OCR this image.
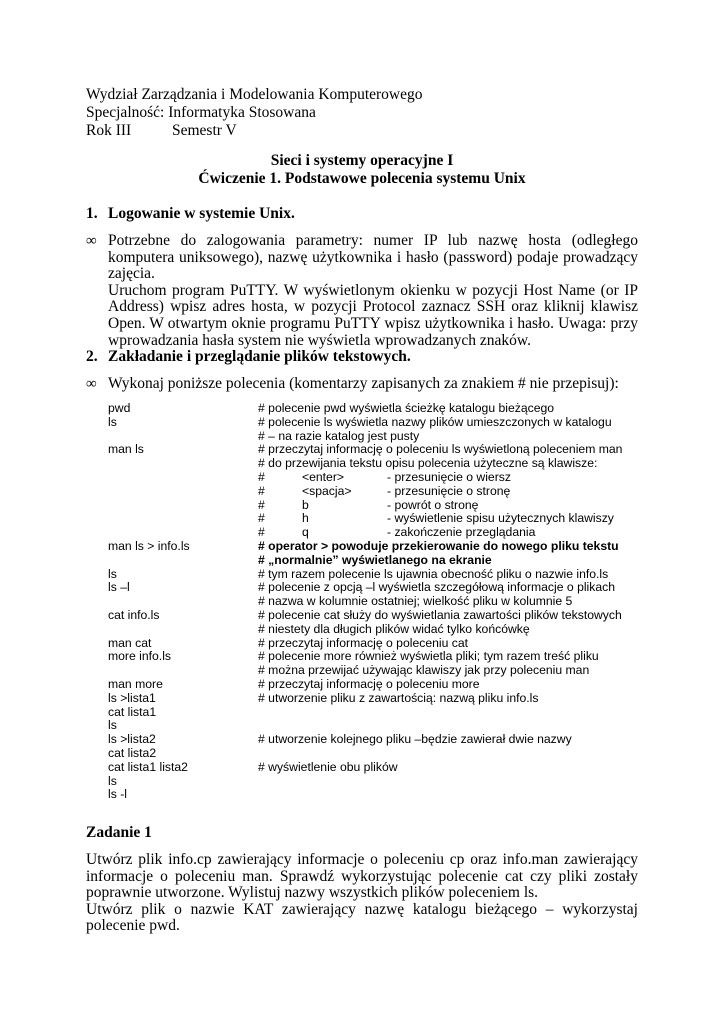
Wydział Zarządzania i Modelowania Komputerowego
Specjalność: Informatyka Stosowana
Rok III	Semestr V
Sieci i systemy operacyjne I
Ćwiczenie 1. Podstawowe polecenia systemu Unix
1. Logowanie w systemie Unix.
∞ Potrzebne do zalogowania parametry: numer IP lub nazwę hosta (odległego komputera uniksowego), nazwę użytkownika i hasło (password) podaje prowadzący zajęcia.

Uruchom program PuTTY. W wyświetlonym okienku w pozycji Host Name (or IP Address) wpisz adres hosta, w pozycji Protocol zaznacz SSH oraz kliknij klawisz Open. W otwartym oknie programu PuTTY wpisz użytkownika i hasło. Uwaga: przy wprowadzania hasła system nie wyświetla wprowadzanych znaków.

2. Zakładanie i przeglądanie plików tekstowych.
∞ Wykonaj poniższe polecenia (komentarzy zapisanych za znakiem # nie przepisuj):
pwd	# polecenie pwd wyświetla ścieżkę katalogu bieżącego
ls	# polecenie ls wyświetla nazwy plików umieszczonych w katalogu
# – na razie katalog jest pusty
man ls	# przeczytaj informację o poleceniu ls wyświetloną poleceniem man
# do przewijania tekstu opisu polecenia użyteczne są klawisze:
#	<enter>	- przesunięcie o wiersz
#	<spacja>	- przesunięcie o stronę
#	b	- powrót o stronę
#	h	- wyświetlenie spisu użytecznych klawiszy
#	q	- zakończenie przeglądania
man ls > info.ls	# operator > powoduje przekierowanie do nowego pliku tekstu
# „normalnie” wyświetlanego na ekranie
ls	# tym razem polecenie ls ujawnia obecność pliku o nazwie info.ls
ls –l	# polecenie z opcją –l wyświetla szczegółową informacje o plikach
# nazwa w kolumnie ostatniej; wielkość pliku w kolumnie 5
cat info.ls	# polecenie cat służy do wyświetlania zawartości plików tekstowych
# niestety dla długich plików widać tylko końcówkę
man cat	# przeczytaj informację o poleceniu cat
more info.ls	# polecenie more również wyświetla pliki; tym razem treść pliku
# można przewijać używając klawiszy jak przy poleceniu man
man more	# przeczytaj informację o poleceniu more
ls >lista1	# utworzenie pliku z zawartością: nazwą pliku info.ls
cat lista1
ls
ls >lista2	# utworzenie kolejnego pliku –będzie zawierał dwie nazwy
cat lista2
cat lista1 lista2	# wyświetlenie obu plików
ls
ls -l
Zadanie 1

Utwórz plik info.cp zawierający informacje o poleceniu cp oraz info.man zawierający informacje o poleceniu man. Sprawdź wykorzystując polecenie cat czy pliki zostały poprawnie utworzone. Wylistuj nazwy wszystkich plików poleceniem ls.

Utwórz plik o nazwie KAT zawierający nazwę katalogu bieżącego – wykorzystaj polecenie pwd.
